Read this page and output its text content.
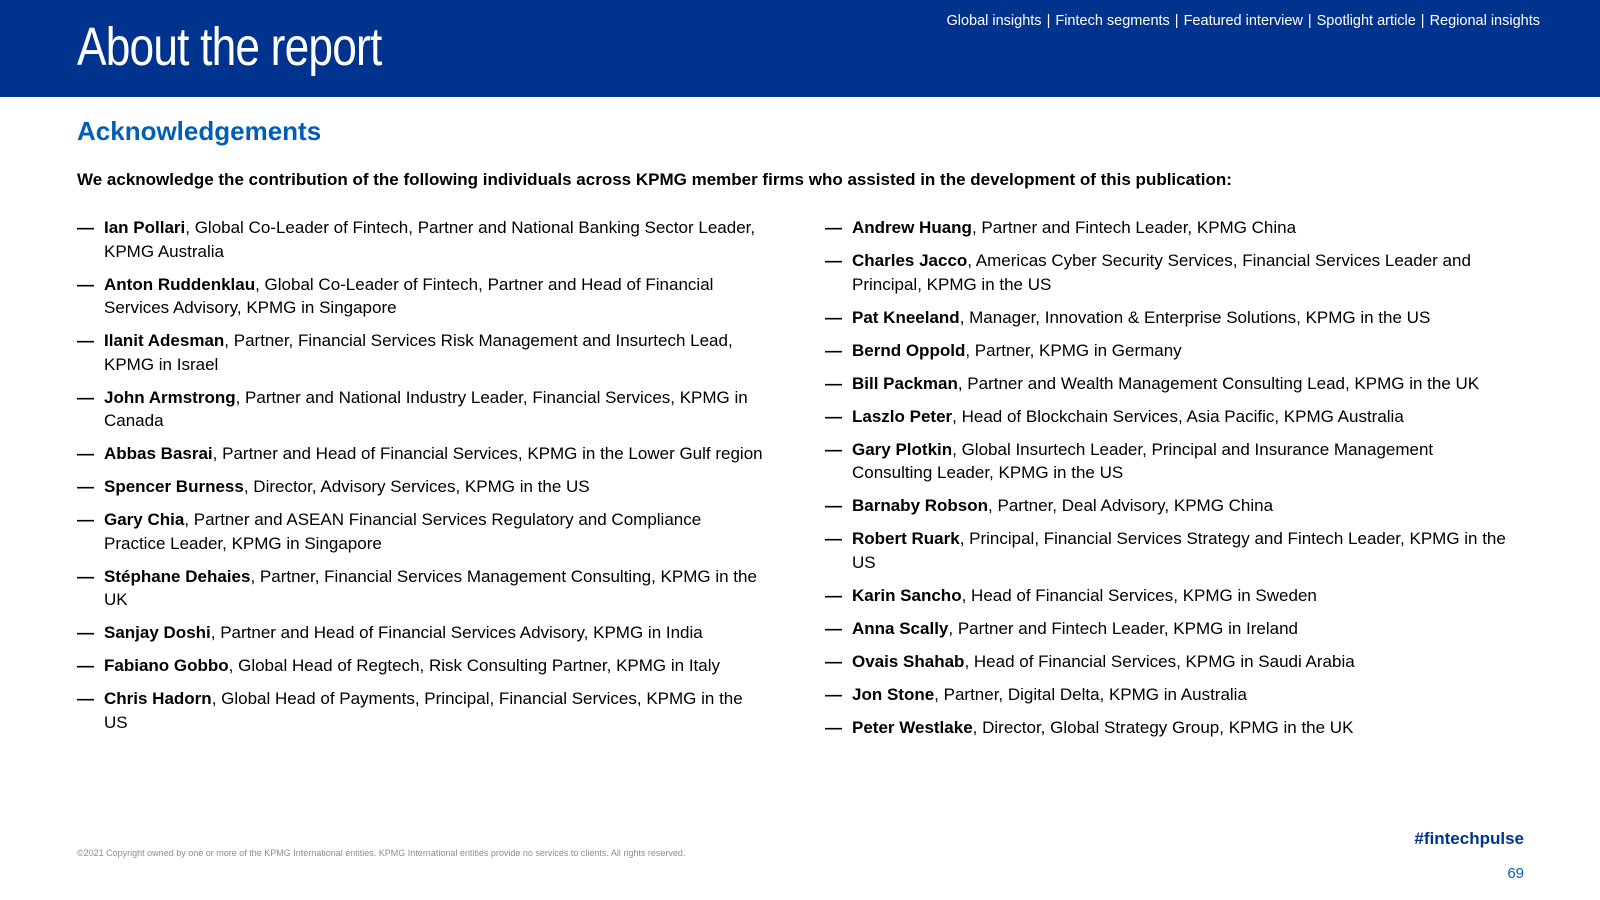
About the report	Global insights | Fintech segments | Featured interview | Spotlight article | Regional insights
Acknowledgements

We acknowledge the contribution of the following individuals across KPMG member firms who assisted in the development of this publication:

— Ian Pollari, Global Co-Leader of Fintech, Partner and National Banking Sector Leader, KPMG Australia
— Anton Ruddenklau, Global Co-Leader of Fintech, Partner and Head of Financial Services Advisory, KPMG in Singapore
— Ilanit Adesman, Partner, Financial Services Risk Management and Insurtech Lead, KPMG in Israel
— John Armstrong, Partner and National Industry Leader, Financial Services, KPMG in Canada
— Abbas Basrai, Partner and Head of Financial Services, KPMG in the Lower Gulf region
— Spencer Burness, Director, Advisory Services, KPMG in the US
— Gary Chia, Partner and ASEAN Financial Services Regulatory and Compliance Practice Leader, KPMG in Singapore
— Stéphane Dehaies, Partner, Financial Services Management Consulting, KPMG in the UK
— Sanjay Doshi, Partner and Head of Financial Services Advisory, KPMG in India
— Fabiano Gobbo, Global Head of Regtech, Risk Consulting Partner, KPMG in Italy
— Chris Hadorn, Global Head of Payments, Principal, Financial Services, KPMG in the US
— Andrew Huang, Partner and Fintech Leader, KPMG China
— Charles Jacco, Americas Cyber Security Services, Financial Services Leader and Principal, KPMG in the US
— Pat Kneeland, Manager, Innovation & Enterprise Solutions, KPMG in the US
— Bernd Oppold, Partner, KPMG in Germany
— Bill Packman, Partner and Wealth Management Consulting Lead, KPMG in the UK
— Laszlo Peter, Head of Blockchain Services, Asia Pacific, KPMG Australia
— Gary Plotkin, Global Insurtech Leader, Principal and Insurance Management Consulting Leader, KPMG in the US
— Barnaby Robson, Partner, Deal Advisory, KPMG China
— Robert Ruark, Principal, Financial Services Strategy and Fintech Leader, KPMG in the US
— Karin Sancho, Head of Financial Services, KPMG in Sweden
— Anna Scally, Partner and Fintech Leader, KPMG in Ireland
— Ovais Shahab, Head of Financial Services, KPMG in Saudi Arabia
— Jon Stone, Partner, Digital Delta, KPMG in Australia
— Peter Westlake, Director, Global Strategy Group, KPMG in the UK
©2021 Copyright owned by one or more of the KPMG International entities. KPMG International entities provide no services to clients. All rights reserved.
#fintechpulse
69
